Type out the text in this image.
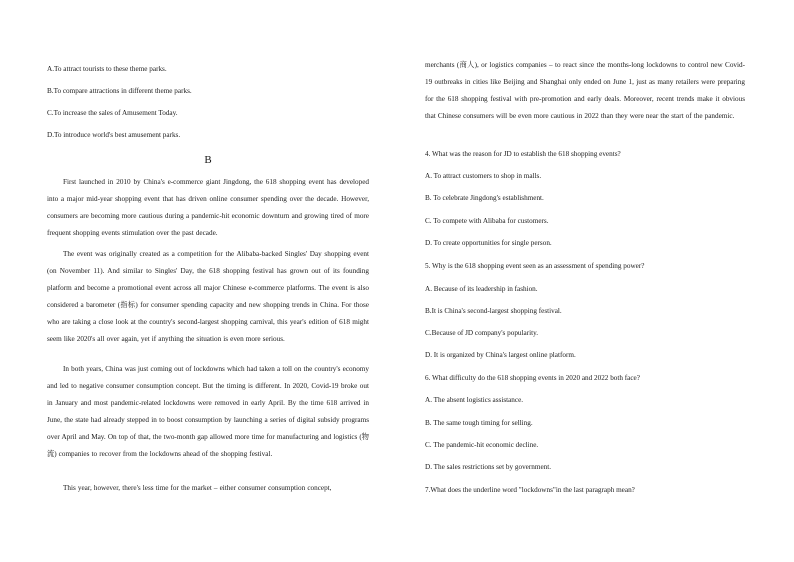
A.To attract tourists to these theme parks.
B.To compare attractions in different theme parks.
C.To increase the sales of Amusement Today.
D.To introduce world's best amusement parks.
B

First launched in 2010 by China's e-commerce giant Jingdong, the 618 shopping event has developed into a major mid-year shopping event that has driven online consumer spending over the decade. However, consumers are becoming more cautious during a pandemic-hit economic downturn and growing tired of more frequent shopping events stimulation over the past decade.

The event was originally created as a competition for the Alibaba-backed Singles' Day shopping event (on November 11). And similar to Singles' Day, the 618 shopping festival has grown out of its founding platform and become a promotional event across all major Chinese e-commerce platforms. The event is also considered a barometer (指标) for consumer spending capacity and new shopping trends in China. For those who are taking a close look at the country's second-largest shopping carnival, this year's edition of 618 might seem like 2020's all over again, yet if anything the situation is even more serious.

In both years, China was just coming out of lockdowns which had taken a toll on the country's economy and led to negative consumer consumption concept. But the timing is different. In 2020, Covid-19 broke out in January and most pandemic-related lockdowns were removed in early April. By the time 618 arrived in June, the state had already stepped in to boost consumption by launching a series of digital subsidy programs over April and May. On top of that, the two-month gap allowed more time for manufacturing and logistics (物流) companies to recover from the lockdowns ahead of the shopping festival.

This year, however, there's less time for the market – either consumer consumption concept,

merchants (商人), or logistics companies – to react since the months-long lockdowns to control new Covid-19 outbreaks in cities like Beijing and Shanghai only ended on June 1, just as many retailers were preparing for the 618 shopping festival with pre-promotion and early deals. Moreover, recent trends make it obvious that Chinese consumers will be even more cautious in 2022 than they were near the start of the pandemic.

4. What was the reason for JD to establish the 618 shopping events?
A. To attract customers to shop in malls.
B. To celebrate Jingdong's establishment.
C. To compete with Alibaba for customers.
D. To create opportunities for single person.
5. Why is the 618 shopping event seen as an assessment of spending power?
A. Because of its leadership in fashion.
B.It is China's second-largest shopping festival.
C.Because of JD company's popularity.
D. It is organized by China's largest online platform.
6. What difficulty do the 618 shopping events in 2020 and 2022 both face?
A. The absent logistics assistance.
B. The same tough timing for selling.
C. The pandemic-hit economic decline.
D. The sales restrictions set by government.
7.What does the underline word "lockdowns"in the last paragraph mean?
